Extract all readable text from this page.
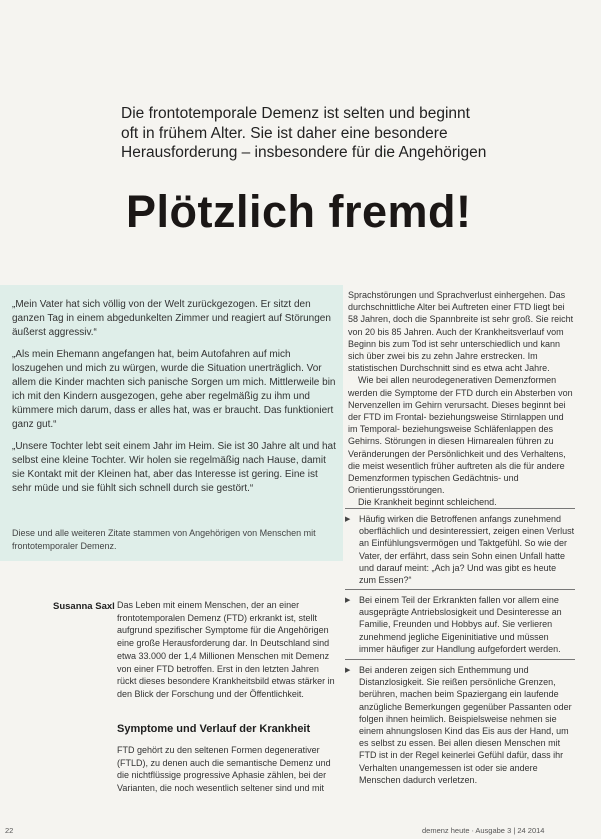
Die frontotemporale Demenz ist selten und beginnt
oft in frühem Alter. Sie ist daher eine besondere
Herausforderung – insbesondere für die Angehörigen
Plötzlich fremd!

„Mein Vater hat sich völlig von der Welt zurückgezogen. Er sitzt den ganzen Tag in einem abgedunkelten Zimmer und reagiert auf Störungen äußerst aggressiv.“

„Als mein Ehemann angefangen hat, beim Autofahren auf mich loszugehen und mich zu würgen, wurde die Situation unerträglich. Vor allem die Kinder machten sich panische Sorgen um mich. Mittlerweile bin ich mit den Kindern ausgezogen, gehe aber regelmäßig zu ihm und kümmere mich darum, dass er alles hat, was er braucht. Das funktioniert ganz gut.“

„Unsere Tochter lebt seit einem Jahr im Heim. Sie ist 30 Jahre alt und hat selbst eine kleine Tochter. Wir holen sie regelmäßig nach Hause, damit sie Kontakt mit der Kleinen hat, aber das Interesse ist gering. Eine ist sehr müde und sie fühlt sich schnell durch sie gestört.“

Diese und alle weiteren Zitate stammen von Angehörigen von Menschen mit frontotemporaler Demenz.
Susanna Saxl Das Leben mit einem Menschen, der an einer frontotemporalen Demenz (FTD) erkrankt ist, stellt aufgrund spezifischer Symptome für die Angehörigen eine große Herausforderung dar. In Deutschland sind etwa 33.000 der 1,4 Millionen Menschen mit Demenz von einer FTD betroffen. Erst in den letzten Jahren rückt dieses besondere Krankheitsbild etwas stärker in den Blick der Forschung und der Öffentlichkeit.
Symptome und Verlauf der Krankheit
FTD gehört zu den seltenen Formen degenerativer (FTLD), zu denen auch die semantische Demenz und die nichtflüssige progressive Aphasie zählen, bei der Varianten, die noch wesentlich seltener sind und mit

Sprachstörungen und Sprachverlust einhergehen. Das durchschnittliche Alter bei Auftreten einer FTD liegt bei 58 Jahren, doch die Spannbreite ist sehr groß. Sie reicht von 20 bis 85 Jahren. Auch der Krankheitsverlauf vom Beginn bis zum Tod ist sehr unterschiedlich und kann sich über zwei bis zu zehn Jahre erstrecken. Im statistischen Durchschnitt sind es etwa acht Jahre.

Wie bei allen neurodegenerativen Demenzformen werden die Symptome der FTD durch ein Absterben von Nervenzellen im Gehirn verursacht. Dieses beginnt bei der FTD im Frontal- beziehungsweise Stirnlappen und im Temporal- beziehungsweise Schläfenlappen des Gehirns. Störungen in diesen Hirnarealen führen zu Veränderungen der Persönlichkeit und des Verhaltens, die meist wesentlich früher auftreten als die für andere Demenzformen typischen Gedächtnis- und Orientierungsstörungen.

Die Krankheit beginnt schleichend.

▶ Häufig wirken die Betroffenen anfangs zunehmend oberflächlich und desinteressiert, zeigen einen Verlust an Einfühlungsvermögen und Taktgefühl. So wie der Vater, der erfährt, dass sein Sohn einen Unfall hatte und darauf meint: „Ach ja? Und was gibt es heute zum Essen?“
▶ Bei einem Teil der Erkrankten fallen vor allem eine ausgeprägte Antriebslosigkeit und Desinteresse an Familie, Freunden und Hobbys auf. Sie verlieren zunehmend jegliche Eigeninitiative und müssen immer häufiger zur Handlung aufgefordert werden.
▶ Bei anderen zeigen sich Enthemmung und Distanzlosigkeit. Sie reißen persönliche Grenzen, berühren, machen beim Spaziergang ein laufende anzügliche Bemerkungen gegenüber Passanten oder folgen ihnen heimlich. Beispielsweise nehmen sie einem ahnungslosen Kind das Eis aus der Hand, um es selbst zu essen. Bei allen diesen Menschen mit FTD ist in der Regel keinerlei Gefühl dafür, dass ihr Verhalten unangemessen ist oder sie andere Menschen dadurch verletzen.
22	demenz heute ∙ Ausgabe 3 | 24 2014
